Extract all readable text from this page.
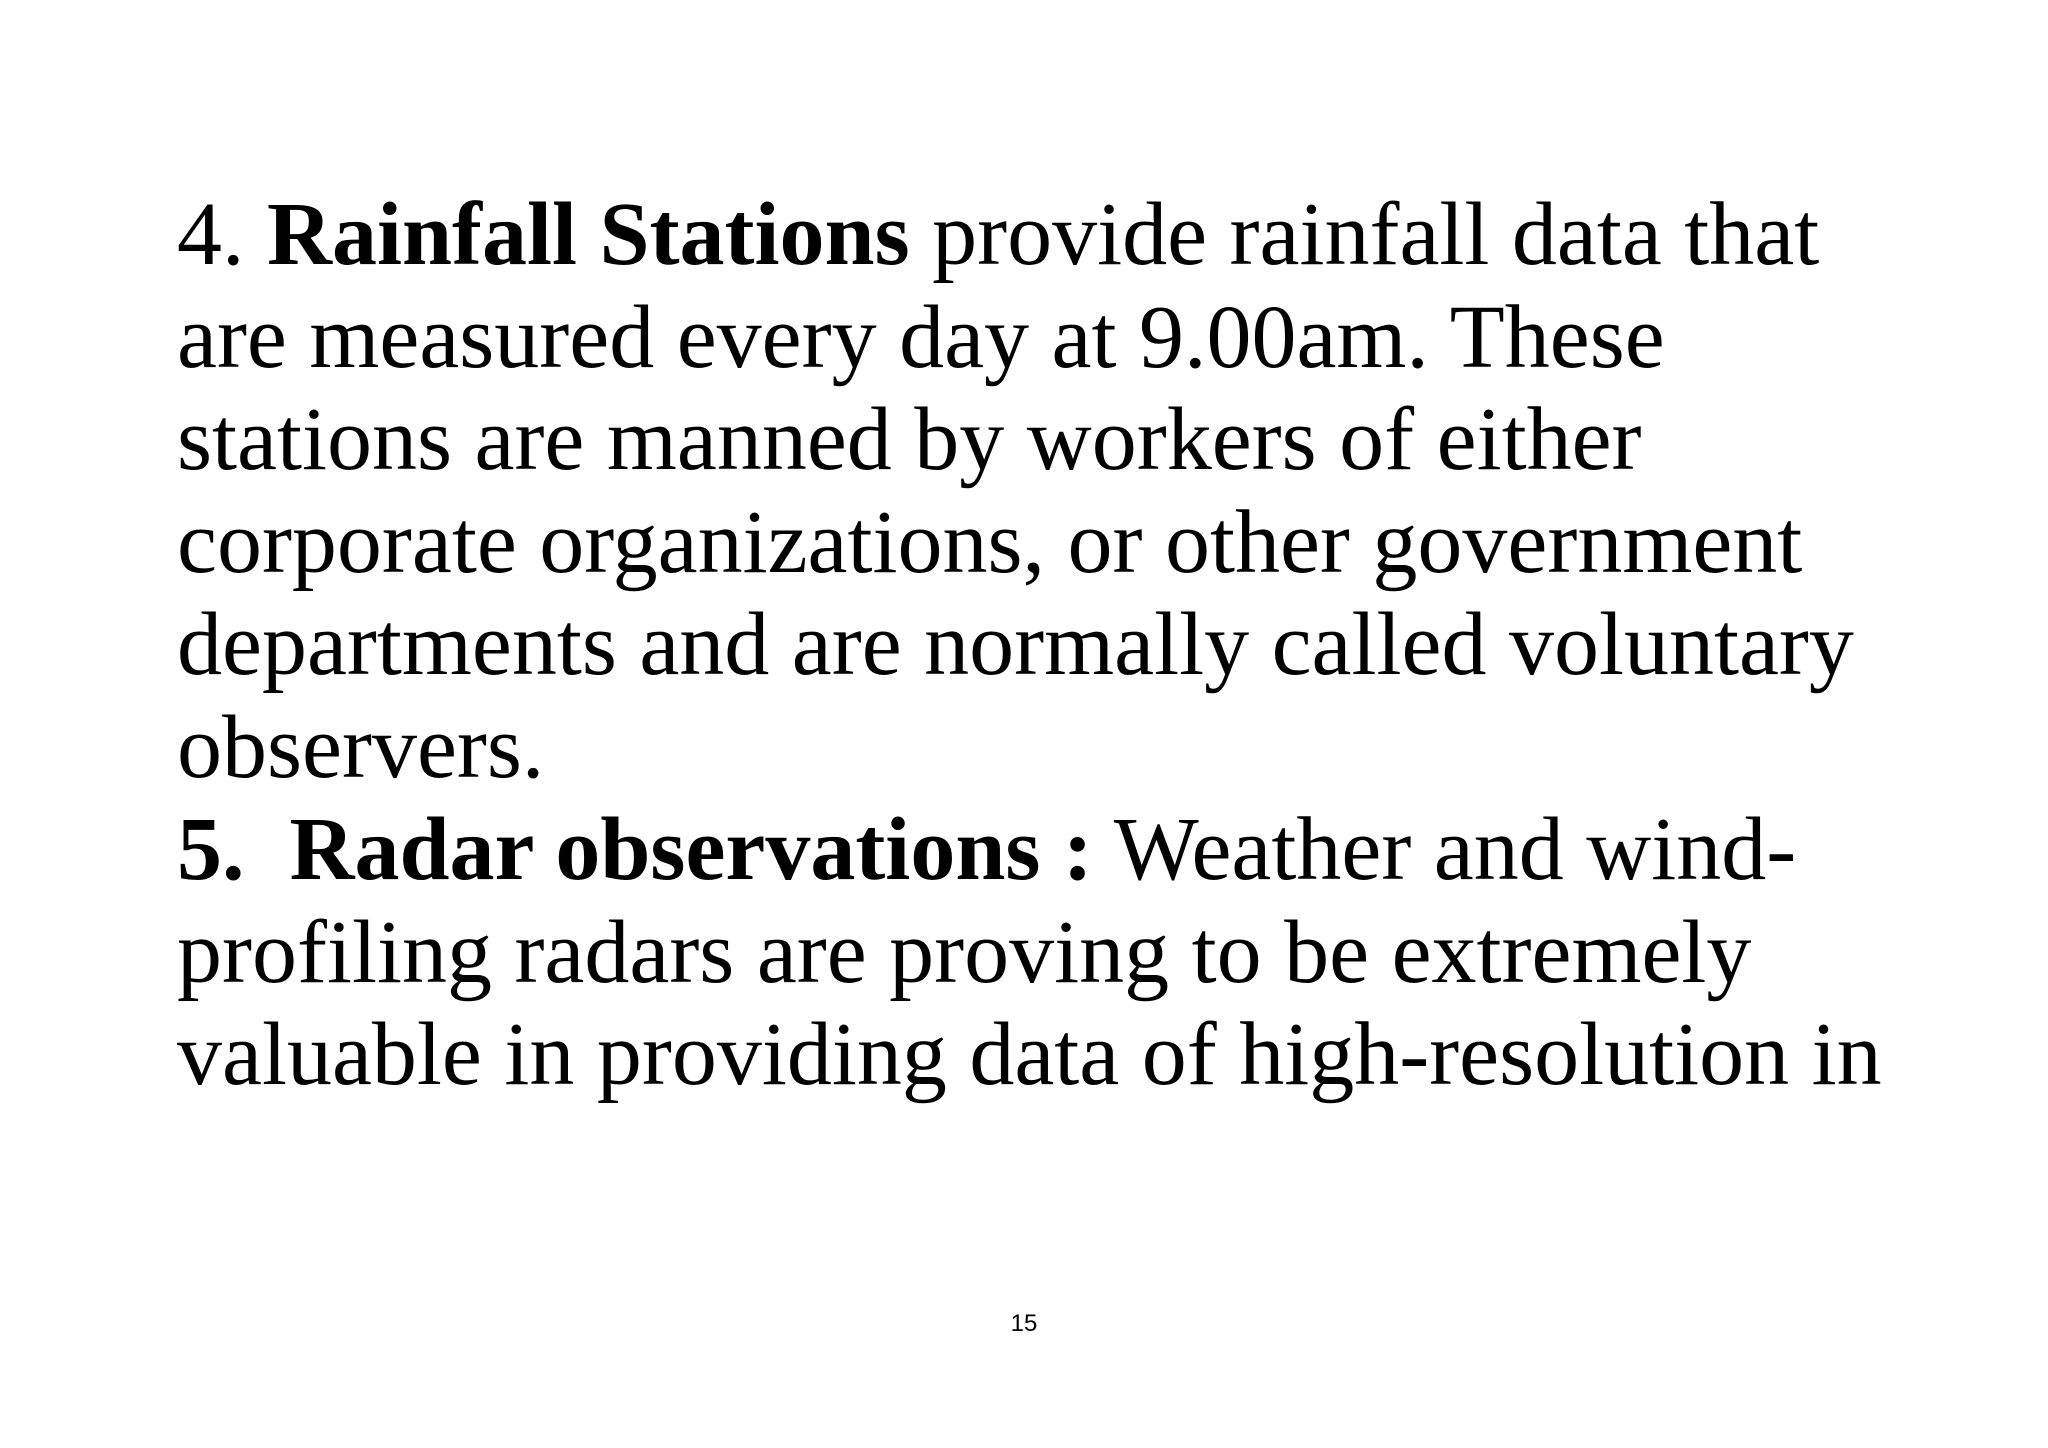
4. Rainfall Stations provide rainfall data that
are measured every day at 9.00am. These
stations are manned by workers of either
corporate organizations, or other government
departments and are normally called voluntary
observers.
5.  Radar observations : Weather and wind-
profiling radars are proving to be extremely
valuable in providing data of high-resolution in
15
